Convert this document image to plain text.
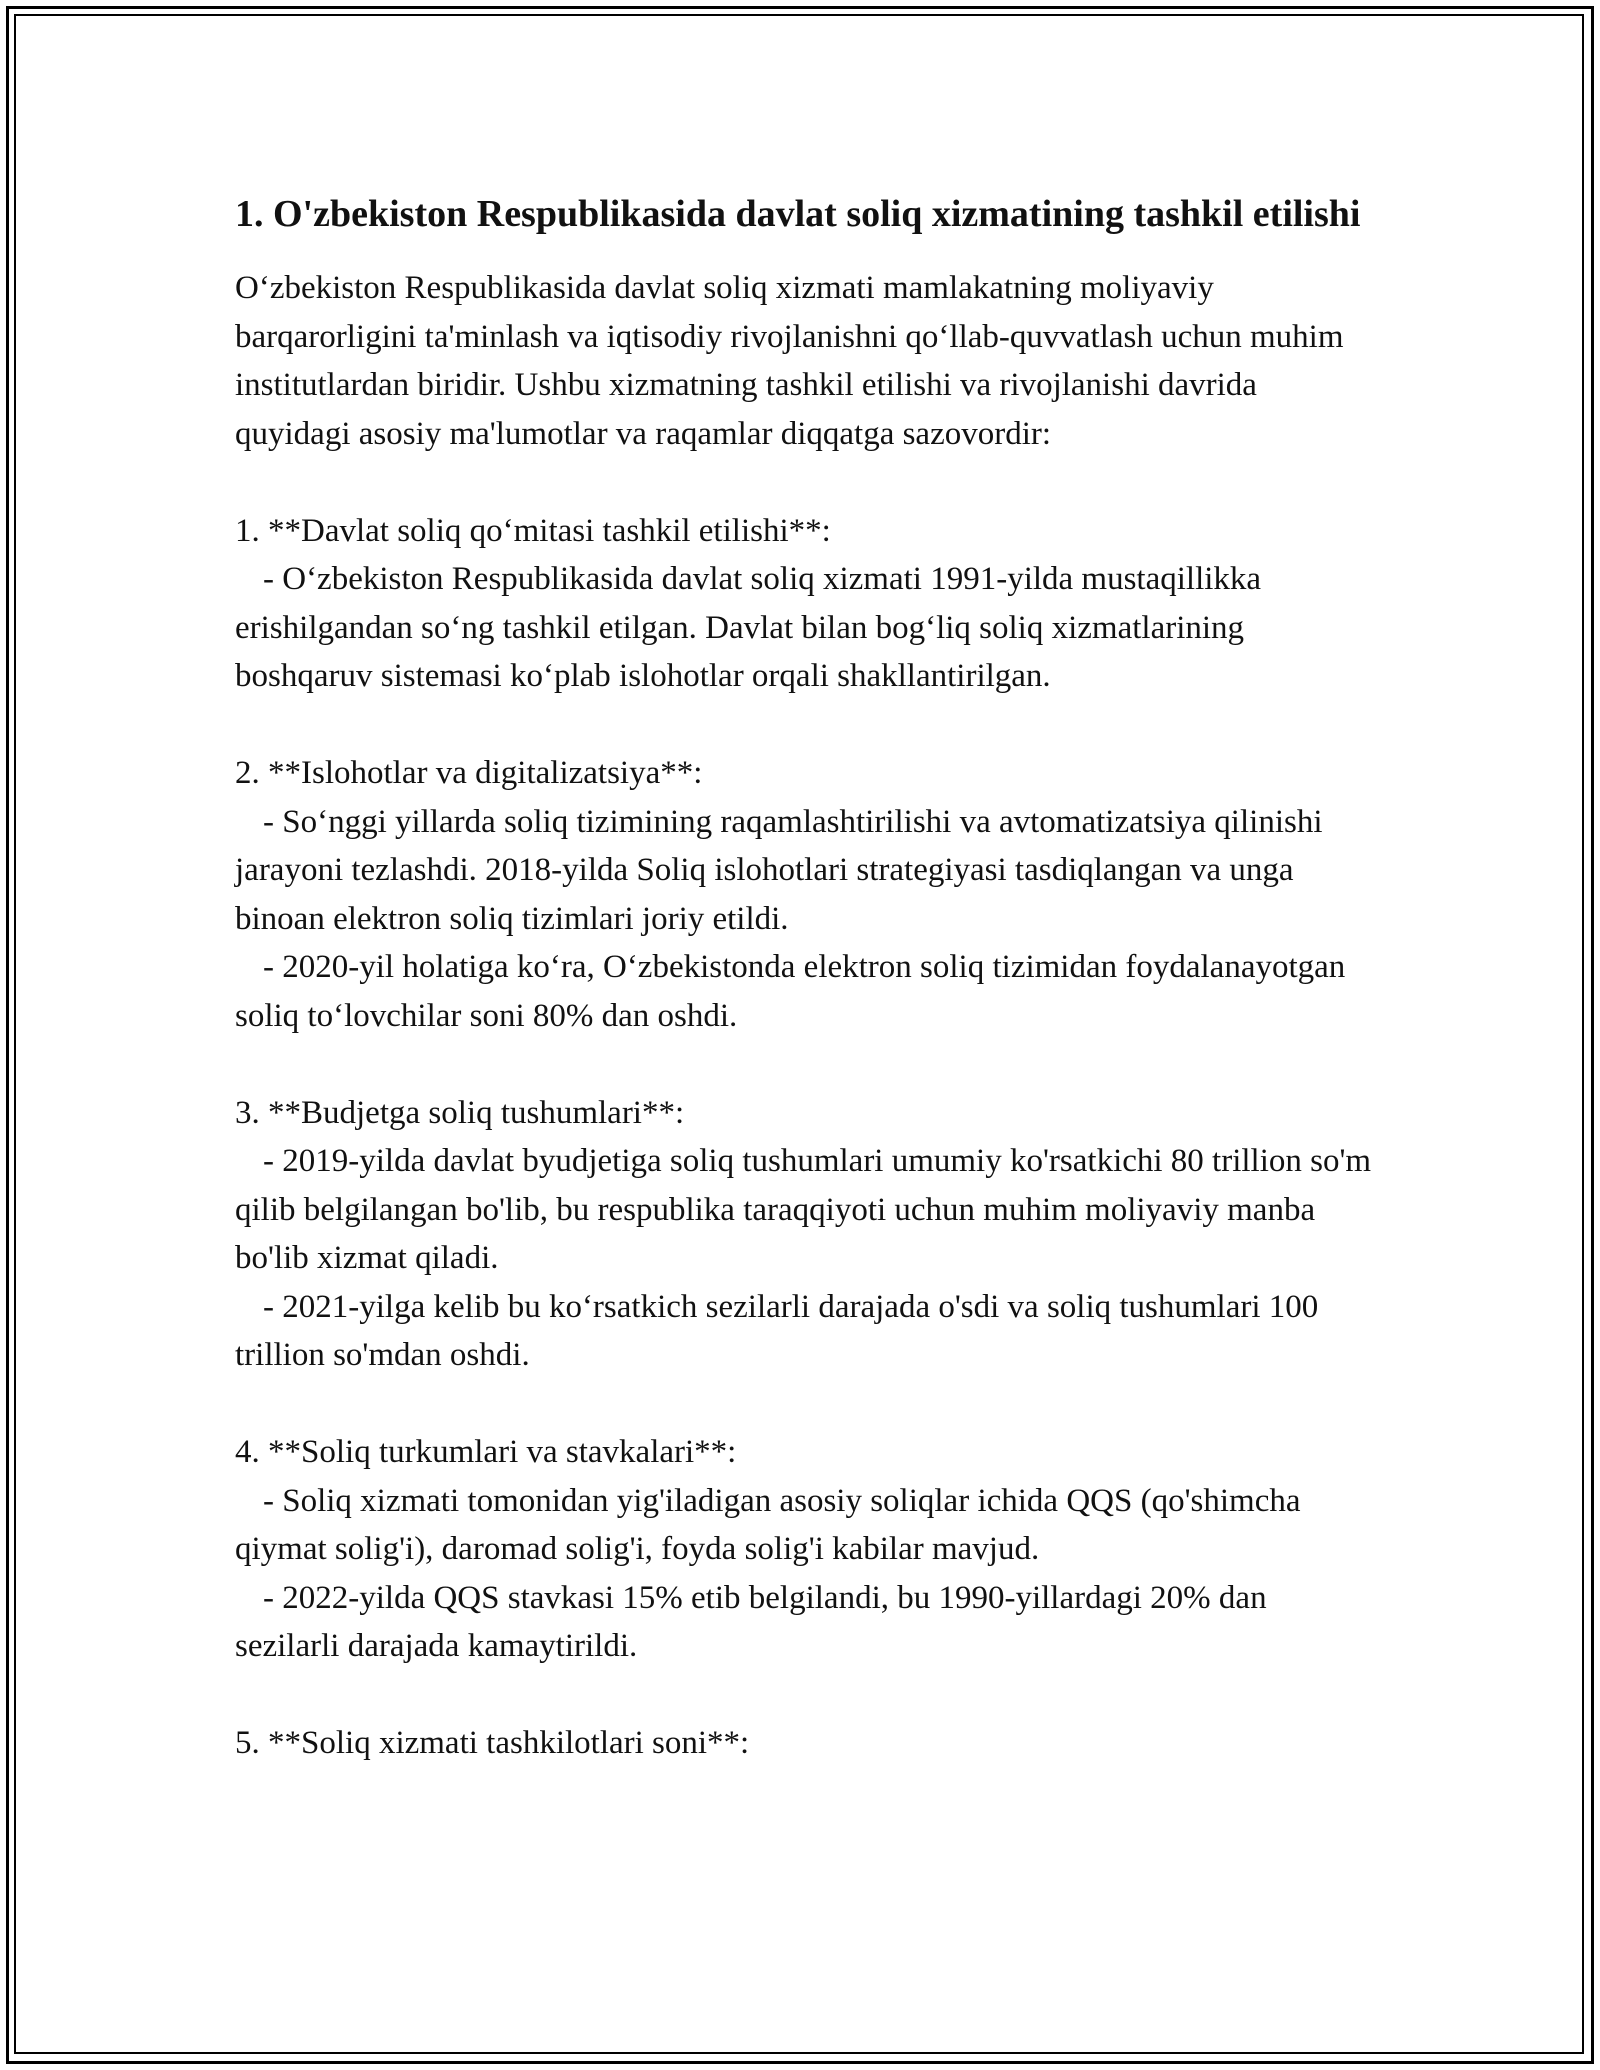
1. O'zbekiston Respublikasida davlat soliq xizmatining tashkil etilishi

O‘zbekiston Respublikasida davlat soliq xizmati mamlakatning moliyaviy barqarorligini ta'minlash va iqtisodiy rivojlanishni qo‘llab-quvvatlash uchun muhim institutlardan biridir. Ushbu xizmatning tashkil etilishi va rivojlanishi davrida quyidagi asosiy ma'lumotlar va raqamlar diqqatga sazovordir:

1. **Davlat soliq qo‘mitasi tashkil etilishi**:
- O‘zbekiston Respublikasida davlat soliq xizmati 1991-yilda mustaqillikka erishilgandan so‘ng tashkil etilgan. Davlat bilan bog‘liq soliq xizmatlarining boshqaruv sistemasi ko‘plab islohotlar orqali shakllantirilgan.
2. **Islohotlar va digitalizatsiya**:
- So‘nggi yillarda soliq tizimining raqamlashtirilishi va avtomatizatsiya qilinishi jarayoni tezlashdi. 2018-yilda Soliq islohotlari strategiyasi tasdiqlangan va unga binoan elektron soliq tizimlari joriy etildi.
- 2020-yil holatiga ko‘ra, O‘zbekistonda elektron soliq tizimidan foydalanayotgan soliq to‘lovchilar soni 80% dan oshdi.
3. **Budjetga soliq tushumlari**:
- 2019-yilda davlat byudjetiga soliq tushumlari umumiy ko'rsatkichi 80 trillion so'm qilib belgilangan bo'lib, bu respublika taraqqiyoti uchun muhim moliyaviy manba bo'lib xizmat qiladi.
- 2021-yilga kelib bu ko‘rsatkich sezilarli darajada o'sdi va soliq tushumlari 100 trillion so'mdan oshdi.
4. **Soliq turkumlari va stavkalari**:
- Soliq xizmati tomonidan yig'iladigan asosiy soliqlar ichida QQS (qo'shimcha qiymat solig'i), daromad solig'i, foyda solig'i kabilar mavjud.
- 2022-yilda QQS stavkasi 15% etib belgilandi, bu 1990-yillardagi 20% dan sezilarli darajada kamaytirildi.
5. **Soliq xizmati tashkilotlari soni**:
